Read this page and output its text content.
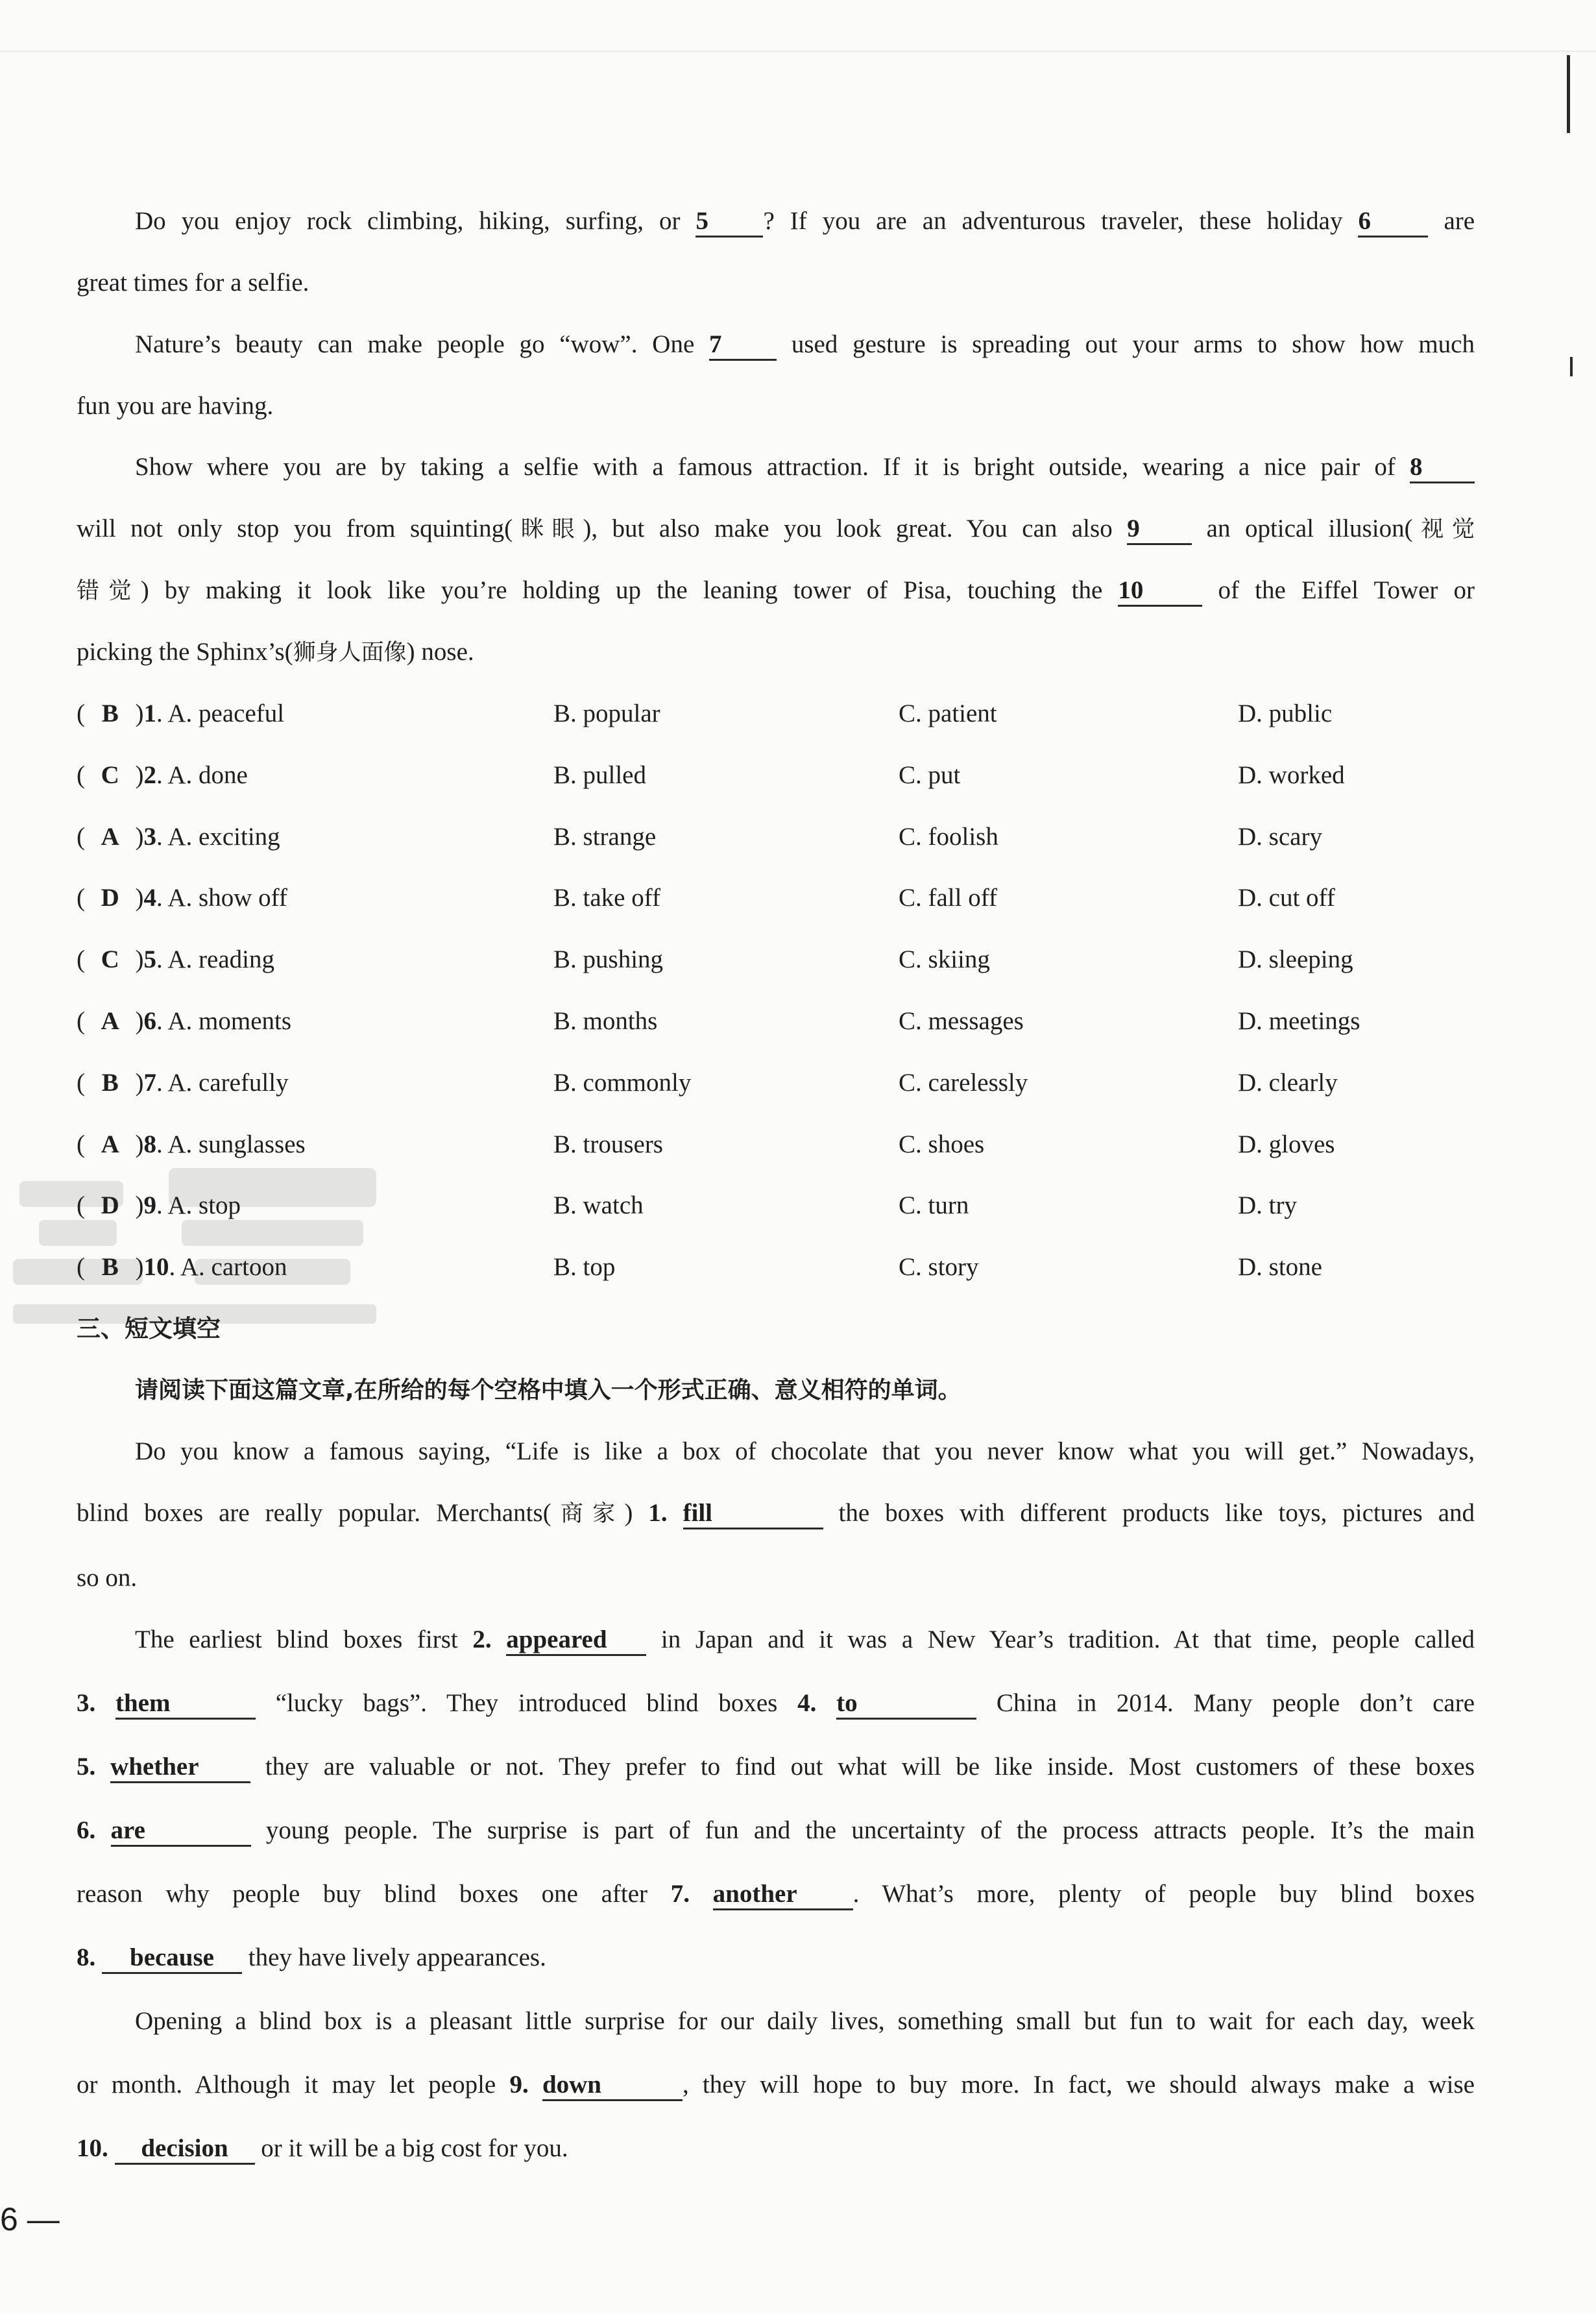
Do you enjoy rock climbing, hiking, surfing, or 5 ? If you are an adventurous traveler, these holiday 6	are
great times for a selfie.
Nature’s beauty can make people go “wow”. One 7	used gesture is spreading out your arms to show how much
fun you are having.
Show where you are by taking a selfie with a famous attraction. If it is bright outside, wearing a nice pair of 8
will not only stop you from squinting(眯眼), but also make you look great. You can also 9	an optical illusion(视觉
错觉) by making it look like you’re holding up the leaning tower of Pisa, touching the 10	of the Eiffel Tower or
picking the Sphinx’s(狮身人面像) nose.
( B )1. A. peaceful	B. popular	C. patient	D. public
( C )2. A. done	B. pulled	C. put	D. worked
( A )3. A. exciting	B. strange	C. foolish	D. scary
( D )4. A. show off	B. take off	C. fall off	D. cut off
( C )5. A. reading	B. pushing	C. skiing	D. sleeping
( A )6. A. moments	B. months	C. messages	D. meetings
( B )7. A. carefully	B. commonly	C. carelessly	D. clearly
( A )8. A. sunglasses	B. trousers	C. shoes	D. gloves
( D )9. A. stop	B. watch	C. turn	D. try
( B )10. A. cartoon	B. top	C. story	D. stone
三、短文填空
请阅读下面这篇文章,在所给的每个空格中填入一个形式正确、意义相符的单词。
Do you know a famous saying, “Life is like a box of chocolate that you never know what you will get.” Nowadays,
blind boxes are really popular. Merchants(商家) 1. fill	the boxes with different products like toys, pictures and
so on.
The earliest blind boxes first 2. appeared in Japan and it was a New Year’s tradition. At that time, people called
3. them	“lucky bags”. They introduced blind boxes 4. to	China in 2014. Many people don’t care
5. whether	they are valuable or not. They prefer to find out what will be like inside. Most customers of these boxes
6. are	young people. The surprise is part of fun and the uncertainty of the process attracts people. It’s the main
reason why people buy blind boxes one after 7. another . What’s more, plenty of people buy blind boxes
8. because they have lively appearances.
Opening a blind box is a pleasant little surprise for our daily lives, something small but fun to wait for each day, week
or month. Although it may let people 9. down	, they will hope to buy more. In fact, we should always make a wise
10. decision or it will be a big cost for you.
6 —
